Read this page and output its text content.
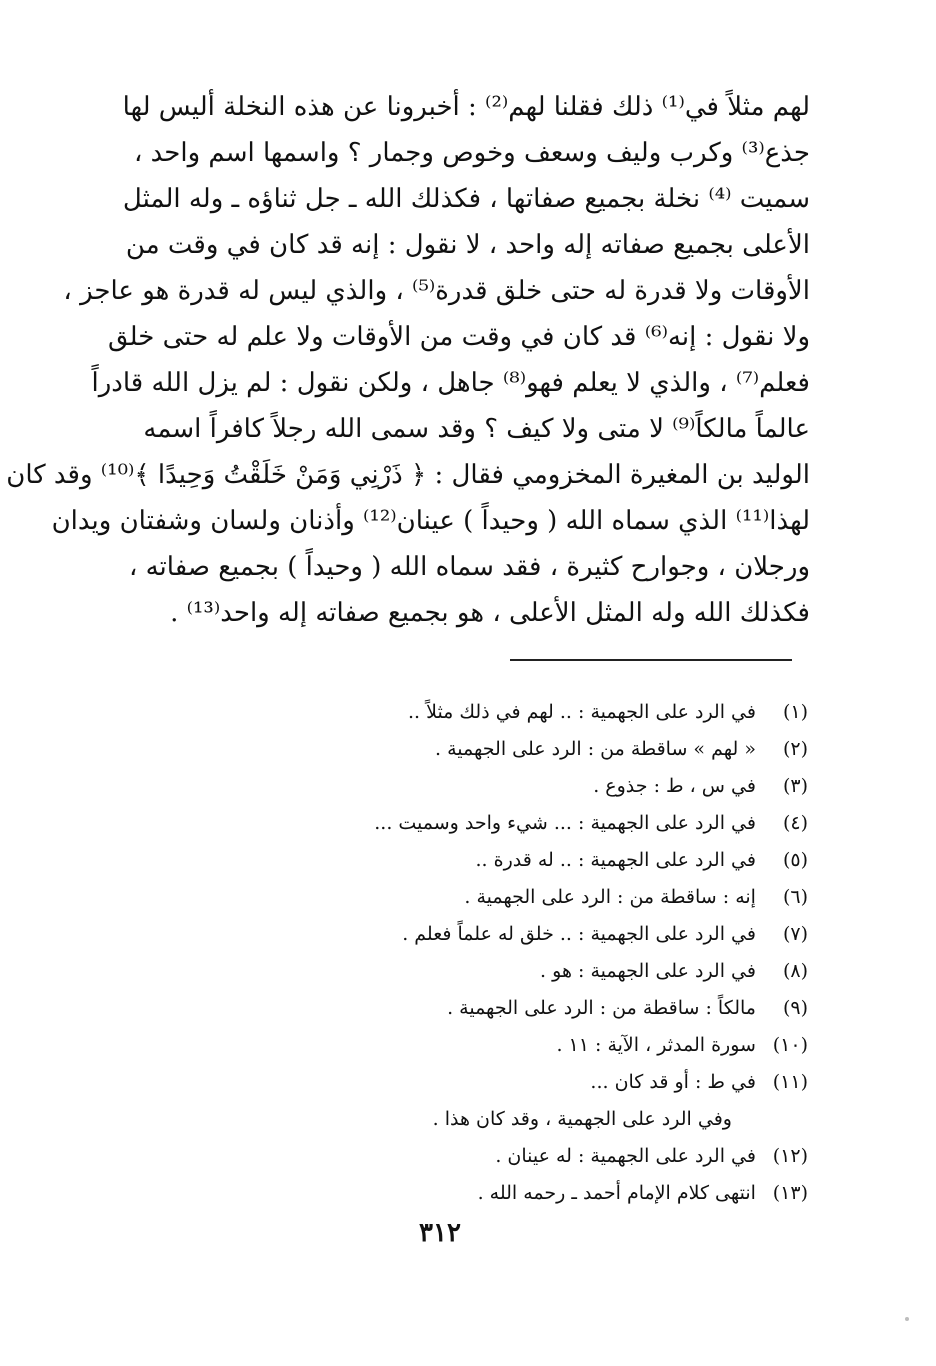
لهم مثلاً في⁽¹⁾ ذلك فقلنا لهم⁽²⁾ : أخبرونا عن هذه النخلة أليس لها
جذع⁽³⁾ وكرب وليف وسعف وخوص وجمار ؟ واسمها اسم واحد ،
سميت ⁽⁴⁾ نخلة بجميع صفاتها ، فكذلك الله ـ جل ثناؤه ـ وله المثل
الأعلى بجميع صفاته إله واحد ، لا نقول : إنه قد كان في وقت من
الأوقات ولا قدرة له حتى خلق قدرة⁽⁵⁾ ، والذي ليس له قدرة هو عاجز ،
ولا نقول : إنه⁽⁶⁾ قد كان في وقت من الأوقات ولا علم له حتى خلق
فعلم⁽⁷⁾ ، والذي لا يعلم فهو⁽⁸⁾ جاهل ، ولكن نقول : لم يزل الله قادراً
عالماً مالكاً⁽⁹⁾ لا متى ولا كيف ؟ وقد سمى الله رجلاً كافراً اسمه
الوليد بن المغيرة المخزومي فقال : ﴿ ذَرْنِي وَمَنْ خَلَقْتُ وَحِيدًا ﴾⁽¹⁰⁾ وقد كان
لهذا⁽¹¹⁾ الذي سماه الله ( وحيداً ) عينان⁽¹²⁾ وأذنان ولسان وشفتان ويدان
ورجلان ، وجوارح كثيرة ، فقد سماه الله ( وحيداً ) بجميع صفاته ،
فكذلك الله وله المثل الأعلى ، هو بجميع صفاته إله واحد⁽¹³⁾ .
(١) في الرد على الجهمية : .. لهم في ذلك مثلاً ..
(٢) « لهم » ساقطة من : الرد على الجهمية .
(٣) في س ، ط : جذوع .
(٤) في الرد على الجهمية : ... شيء واحد وسميت ...
(٥) في الرد على الجهمية : .. له قدرة ..
(٦) إنه : ساقطة من : الرد على الجهمية .
(٧) في الرد على الجهمية : .. خلق له علماً فعلم .
(٨) في الرد على الجهمية : هو .
(٩) مالكاً : ساقطة من : الرد على الجهمية .
(١٠) سورة المدثر ، الآية : ١١ .
(١١) في ط : أو قد كان ...
وفي الرد على الجهمية ، وقد كان هذا .
(١٢) في الرد على الجهمية : له عينان .
(١٣) انتهى كلام الإمام أحمد ـ رحمه الله .
٣١٢
